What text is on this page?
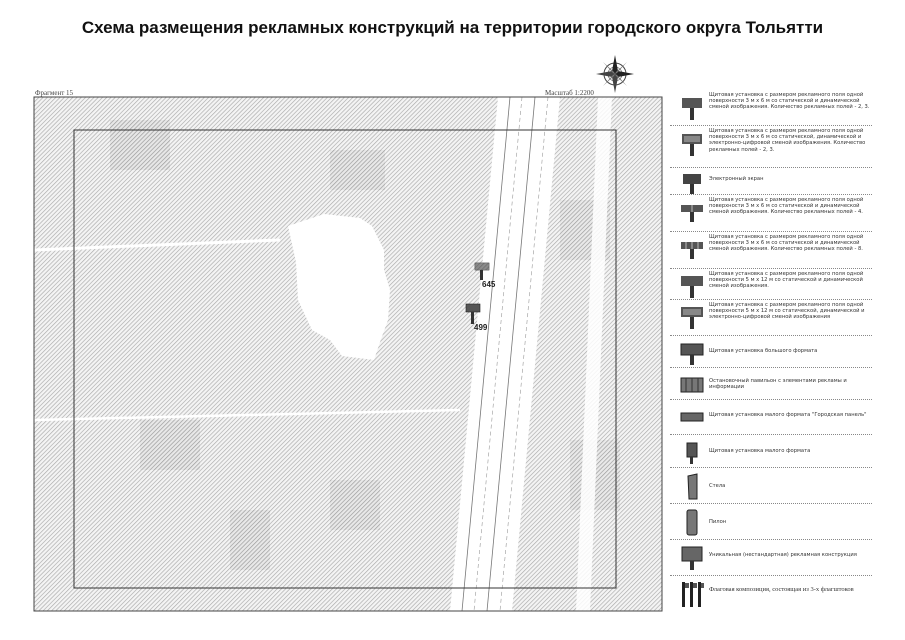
Схема размещения рекламных конструкций на территории городского округа Тольятти
Фрагмент 15	Масштаб 1:2200
645
499
Щитовая установка с размером рекламного поля одной поверхности 3 м х 6 м со статической и динамической сменой изображения. Количество рекламных полей - 2, 3.
Щитовая установка с размером рекламного поля одной поверхности 3 м х 6 м со статической, динамической и электронно-цифровой сменой изображения. Количество рекламных полей - 2, 3.
Электронный экран
Щитовая установка с размером рекламного поля одной поверхности 3 м х 6 м со статической и динамической сменой изображения. Количество рекламных полей - 4.
Щитовая установка с размером рекламного поля одной поверхности 3 м х 6 м со статической и динамической сменой изображения. Количество рекламных полей - 8.
Щитовая установка с размером рекламного поля одной поверхности 5 м х 12 м со статической и динамической сменой изображения.
Щитовая установка с размером рекламного поля одной поверхности 5 м х 12 м со статической, динамической и электронно-цифровой сменой изображения
Щитовая установка большого формата
Остановочный павильон с элементами рекламы и информации
Щитовая установка малого формата "Городская панель"
Щитовая установка малого формата
Стела
Пилон
Уникальная (нестандартная) рекламная конструкция
Флаговая композиция, состоящая из 3-х флагштоков
